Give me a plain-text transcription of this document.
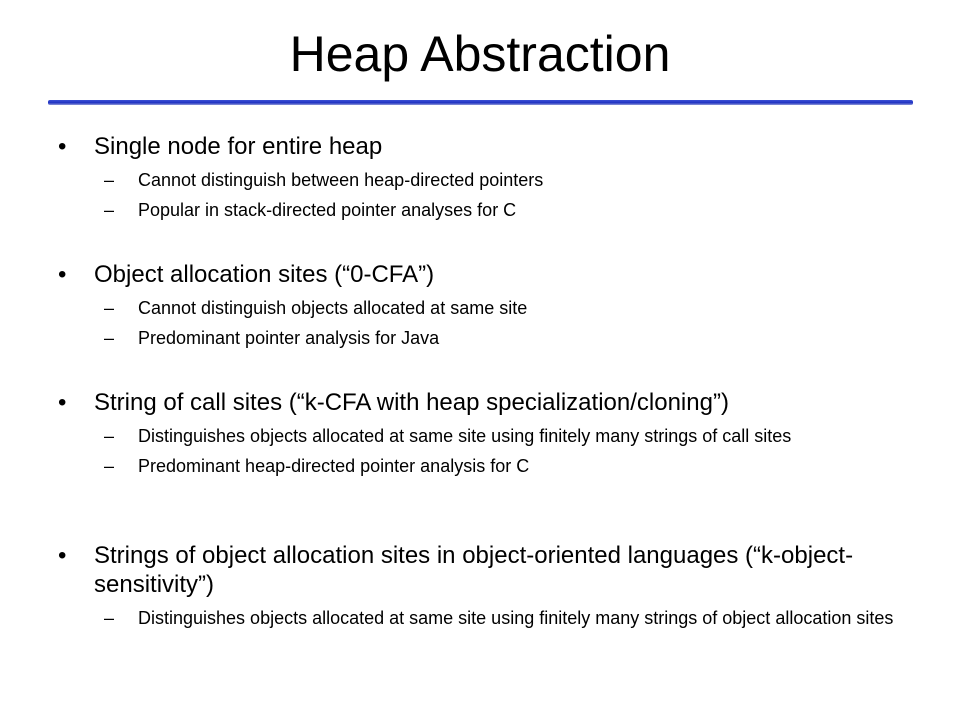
Heap Abstraction
•	Single node for entire heap
–	Cannot distinguish between heap-directed pointers
–	Popular in stack-directed pointer analyses for C
•	Object allocation sites (“0-CFA”)
–	Cannot distinguish objects allocated at same site
–	Predominant pointer analysis for Java
•	String of call sites (“k-CFA with heap specialization/cloning”)
–	Distinguishes objects allocated at same site using finitely many strings of call sites
–	Predominant heap-directed pointer analysis for C
•	Strings of object allocation sites in object-oriented languages (“k-object-sensitivity”)
–	Distinguishes objects allocated at same site using finitely many strings of object allocation sites
